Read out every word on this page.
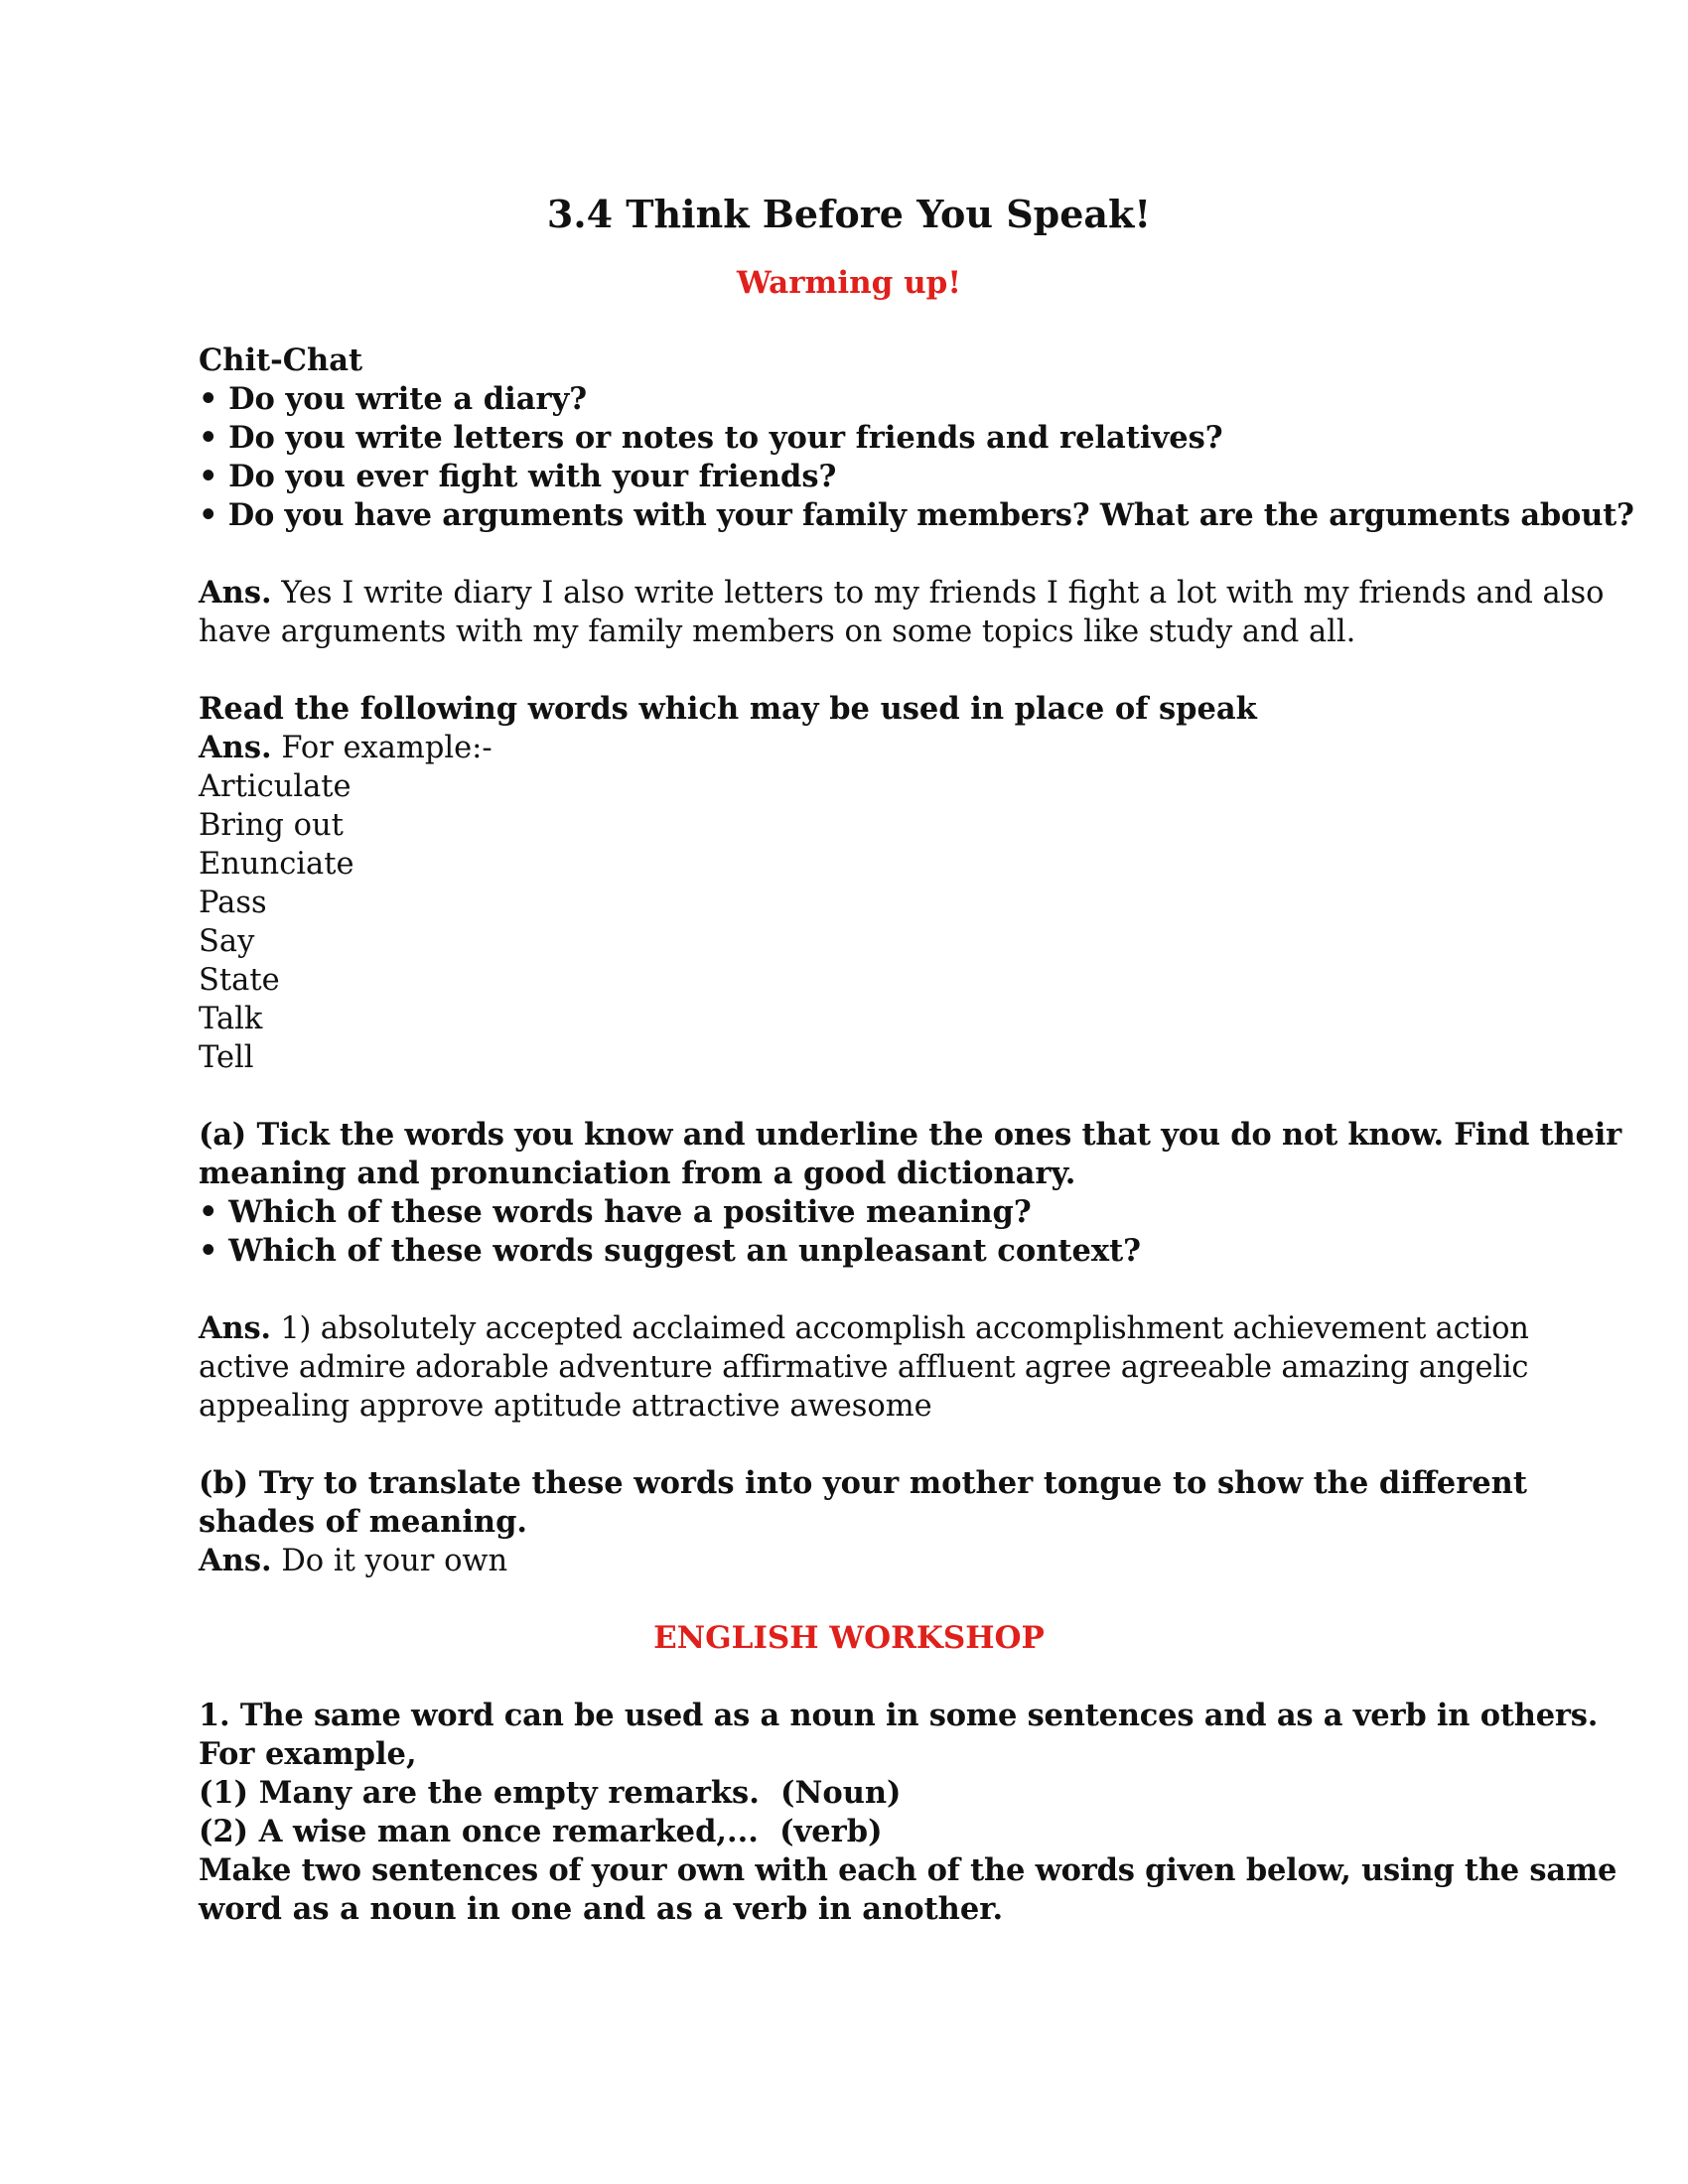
3.4 Think Before You Speak!
Warming up!
Chit-Chat
• Do you write a diary?
• Do you write letters or notes to your friends and relatives?
• Do you ever fight with your friends?
• Do you have arguments with your family members? What are the arguments about?
Ans. Yes I write diary I also write letters to my friends I fight a lot with my friends and also
have arguments with my family members on some topics like study and all.
Read the following words which may be used in place of speak
Ans. For example:-
Articulate
Bring out
Enunciate
Pass
Say
State
Talk
Tell
(a) Tick the words you know and underline the ones that you do not know. Find their
meaning and pronunciation from a good dictionary.
• Which of these words have a positive meaning?
• Which of these words suggest an unpleasant context?
Ans. 1) absolutely accepted acclaimed accomplish accomplishment achievement action
active admire adorable adventure affirmative affluent agree agreeable amazing angelic
appealing approve aptitude attractive awesome
(b) Try to translate these words into your mother tongue to show the different
shades of meaning.
Ans. Do it your own
ENGLISH WORKSHOP
1. The same word can be used as a noun in some sentences and as a verb in others.
For example,
(1) Many are the empty remarks.  (Noun)
(2) A wise man once remarked,...  (verb)
Make two sentences of your own with each of the words given below, using the same
word as a noun in one and as a verb in another.
